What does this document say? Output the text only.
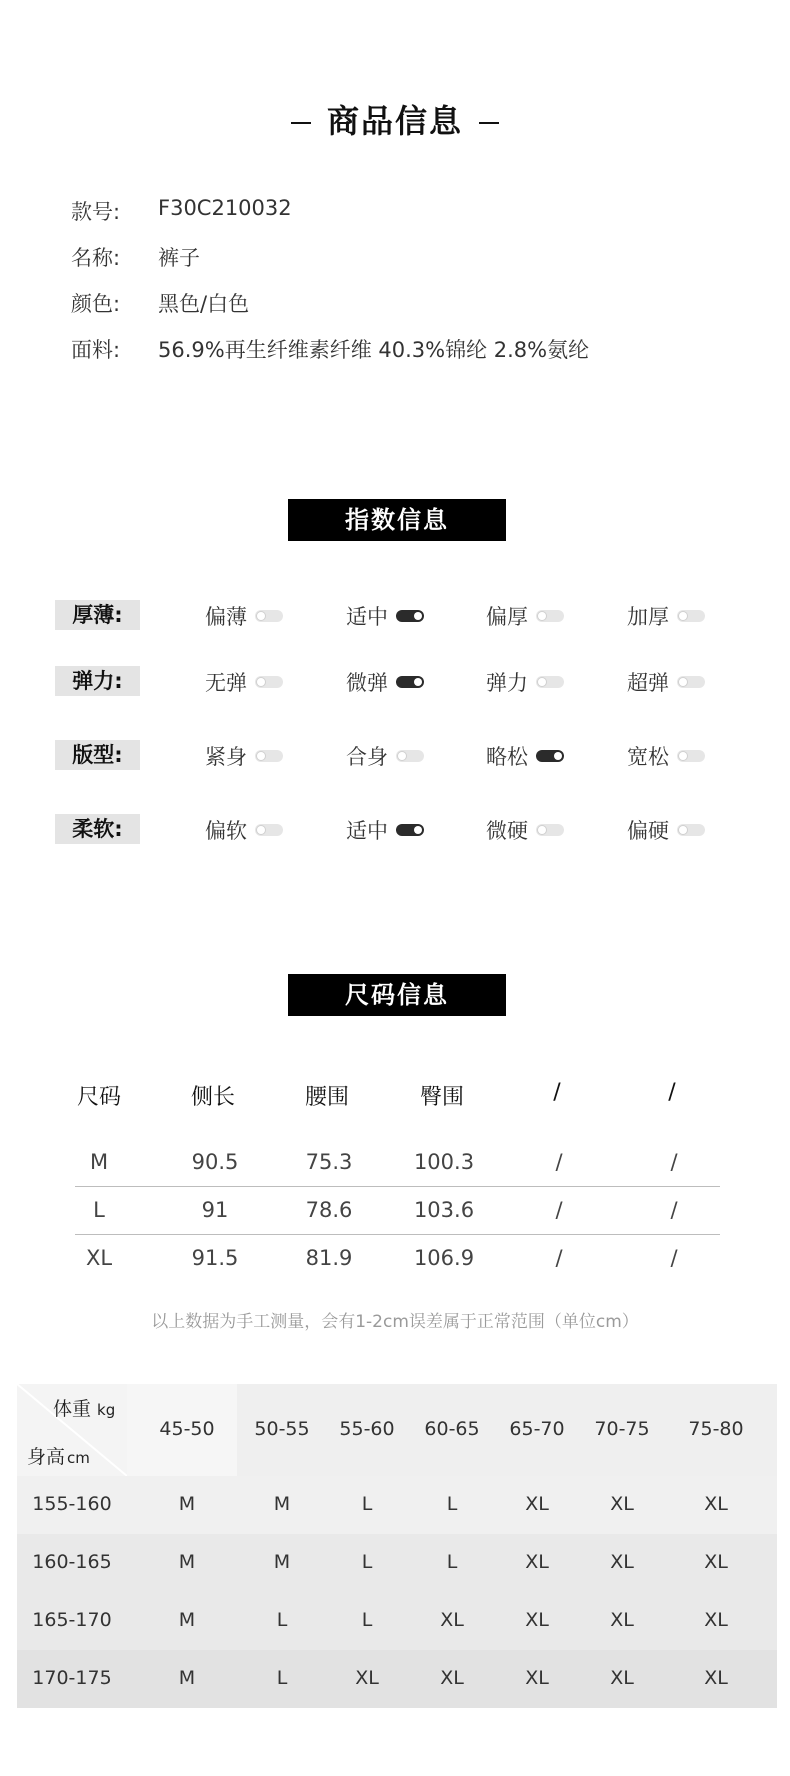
商品信息
款号: F30C210032
名称: 裤子
颜色: 黑色/白色
面料: 56.9%再生纤维素纤维 40.3%锦纶 2.8%氨纶
指数信息
厚薄:	偏薄	适中	偏厚	加厚
弹力:	无弹	微弹	弹力	超弹
版型:	紧身	合身	略松	宽松
柔软:	偏软	适中	微硬	偏硬
尺码信息
尺码	侧长	腰围	臀围	/	/
M	90.5	75.3	100.3	/	/
L	91	78.6	103.6	/	/
XL	91.5	81.9	106.9	/	/
以上数据为手工测量，会有1-2cm误差属于正常范围（单位cm）
体重 kg
身高 cm
45-50	50-55	55-60	60-65	65-70	70-75	75-80
155-160	M	M	L	L	XL	XL	XL
160-165	M	M	L	L	XL	XL	XL
165-170	M	L	L	XL	XL	XL	XL
170-175	M	L	XL	XL	XL	XL	XL
